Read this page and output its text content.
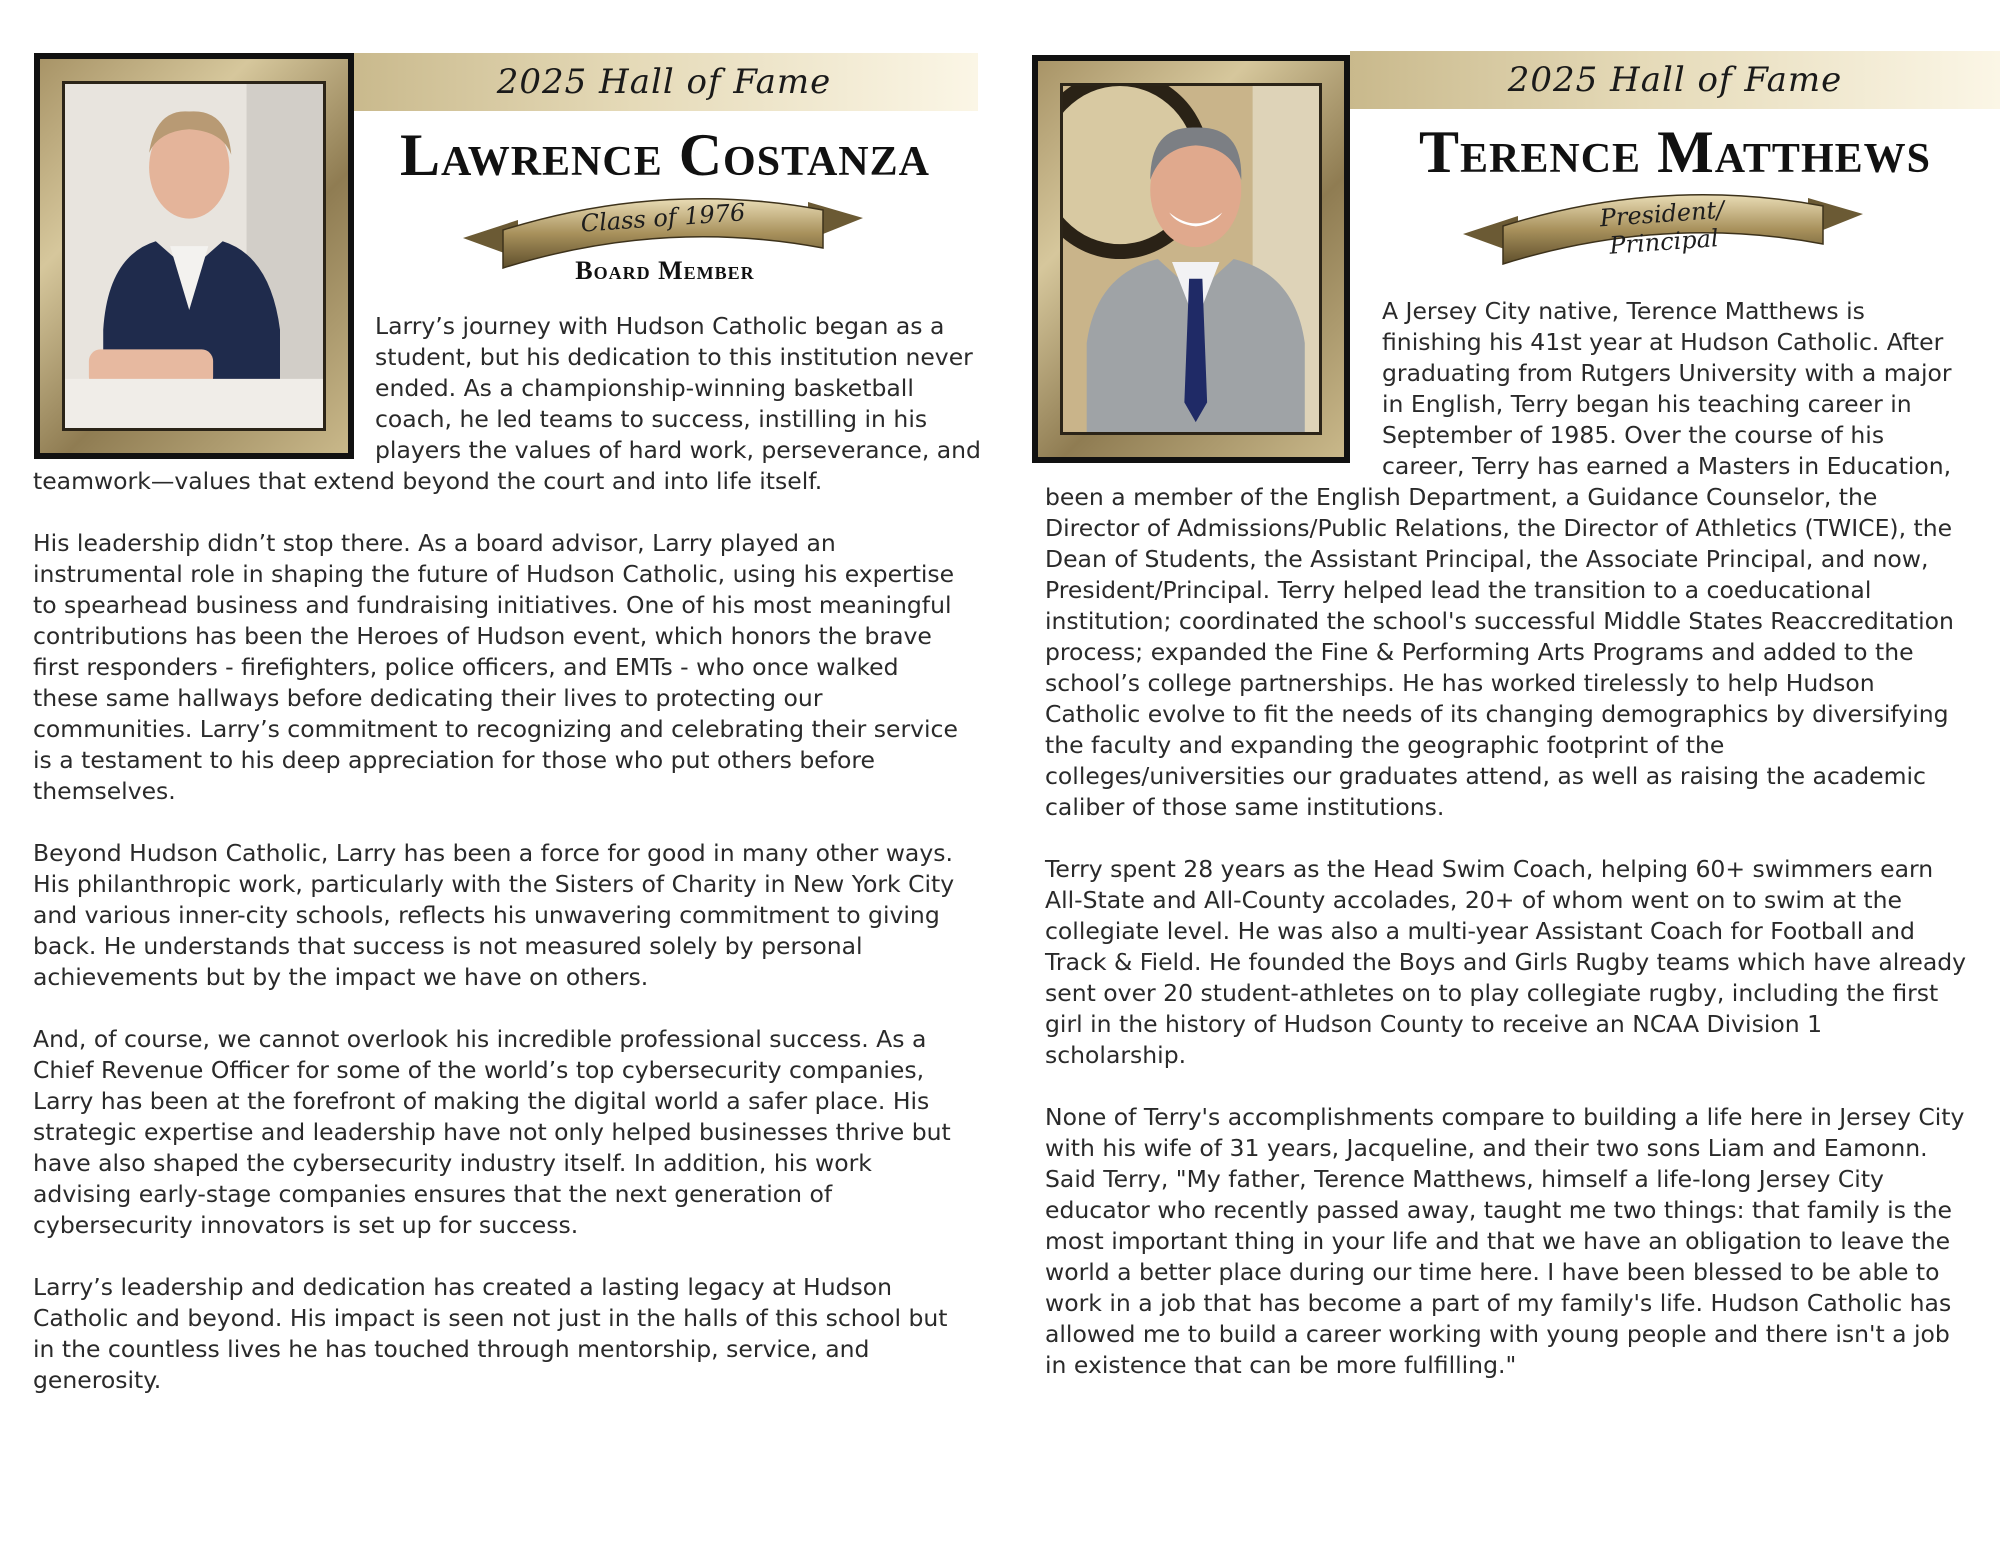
2025 Hall of Fame
Lawrence Costanza
Class of 1976
Board Member

Larry’s journey with Hudson Catholic began as a student, but his dedication to this institution never ended. As a championship-winning basketball coach, he led teams to success, instilling in his players the values of hard work, perseverance, and teamwork—values that extend beyond the court and into life itself.

His leadership didn’t stop there. As a board advisor, Larry played an instrumental role in shaping the future of Hudson Catholic, using his expertise to spearhead business and fundraising initiatives. One of his most meaningful contributions has been the Heroes of Hudson event, which honors the brave first responders - firefighters, police officers, and EMTs - who once walked these same hallways before dedicating their lives to protecting our communities. Larry’s commitment to recognizing and celebrating their service is a testament to his deep appreciation for those who put others before themselves.

Beyond Hudson Catholic, Larry has been a force for good in many other ways. His philanthropic work, particularly with the Sisters of Charity in New York City and various inner-city schools, reflects his unwavering commitment to giving back. He understands that success is not measured solely by personal achievements but by the impact we have on others.

And, of course, we cannot overlook his incredible professional success. As a Chief Revenue Officer for some of the world’s top cybersecurity companies, Larry has been at the forefront of making the digital world a safer place. His strategic expertise and leadership have not only helped businesses thrive but have also shaped the cybersecurity industry itself. In addition, his work advising early-stage companies ensures that the next generation of cybersecurity innovators is set up for success.

Larry’s leadership and dedication has created a lasting legacy at Hudson Catholic and beyond. His impact is seen not just in the halls of this school but in the countless lives he has touched through mentorship, service, and generosity.

2025 Hall of Fame
Terence Matthews
President/ Principal

A Jersey City native, Terence Matthews is finishing his 41st year at Hudson Catholic. After graduating from Rutgers University with a major in English, Terry began his teaching career in September of 1985. Over the course of his career, Terry has earned a Masters in Education, been a member of the English Department, a Guidance Counselor, the Director of Admissions/Public Relations, the Director of Athletics (TWICE), the Dean of Students, the Assistant Principal, the Associate Principal, and now, President/Principal. Terry helped lead the transition to a coeducational institution; coordinated the school's successful Middle States Reaccreditation process; expanded the Fine & Performing Arts Programs and added to the school’s college partnerships. He has worked tirelessly to help Hudson Catholic evolve to fit the needs of its changing demographics by diversifying the faculty and expanding the geographic footprint of the colleges/universities our graduates attend, as well as raising the academic caliber of those same institutions.

Terry spent 28 years as the Head Swim Coach, helping 60+ swimmers earn All-State and All-County accolades, 20+ of whom went on to swim at the collegiate level. He was also a multi-year Assistant Coach for Football and Track & Field. He founded the Boys and Girls Rugby teams which have already sent over 20 student-athletes on to play collegiate rugby, including the first girl in the history of Hudson County to receive an NCAA Division 1 scholarship.

None of Terry's accomplishments compare to building a life here in Jersey City with his wife of 31 years, Jacqueline, and their two sons Liam and Eamonn. Said Terry, "My father, Terence Matthews, himself a life-long Jersey City educator who recently passed away, taught me two things: that family is the most important thing in your life and that we have an obligation to leave the world a better place during our time here. I have been blessed to be able to work in a job that has become a part of my family's life. Hudson Catholic has allowed me to build a career working with young people and there isn't a job in existence that can be more fulfilling."
